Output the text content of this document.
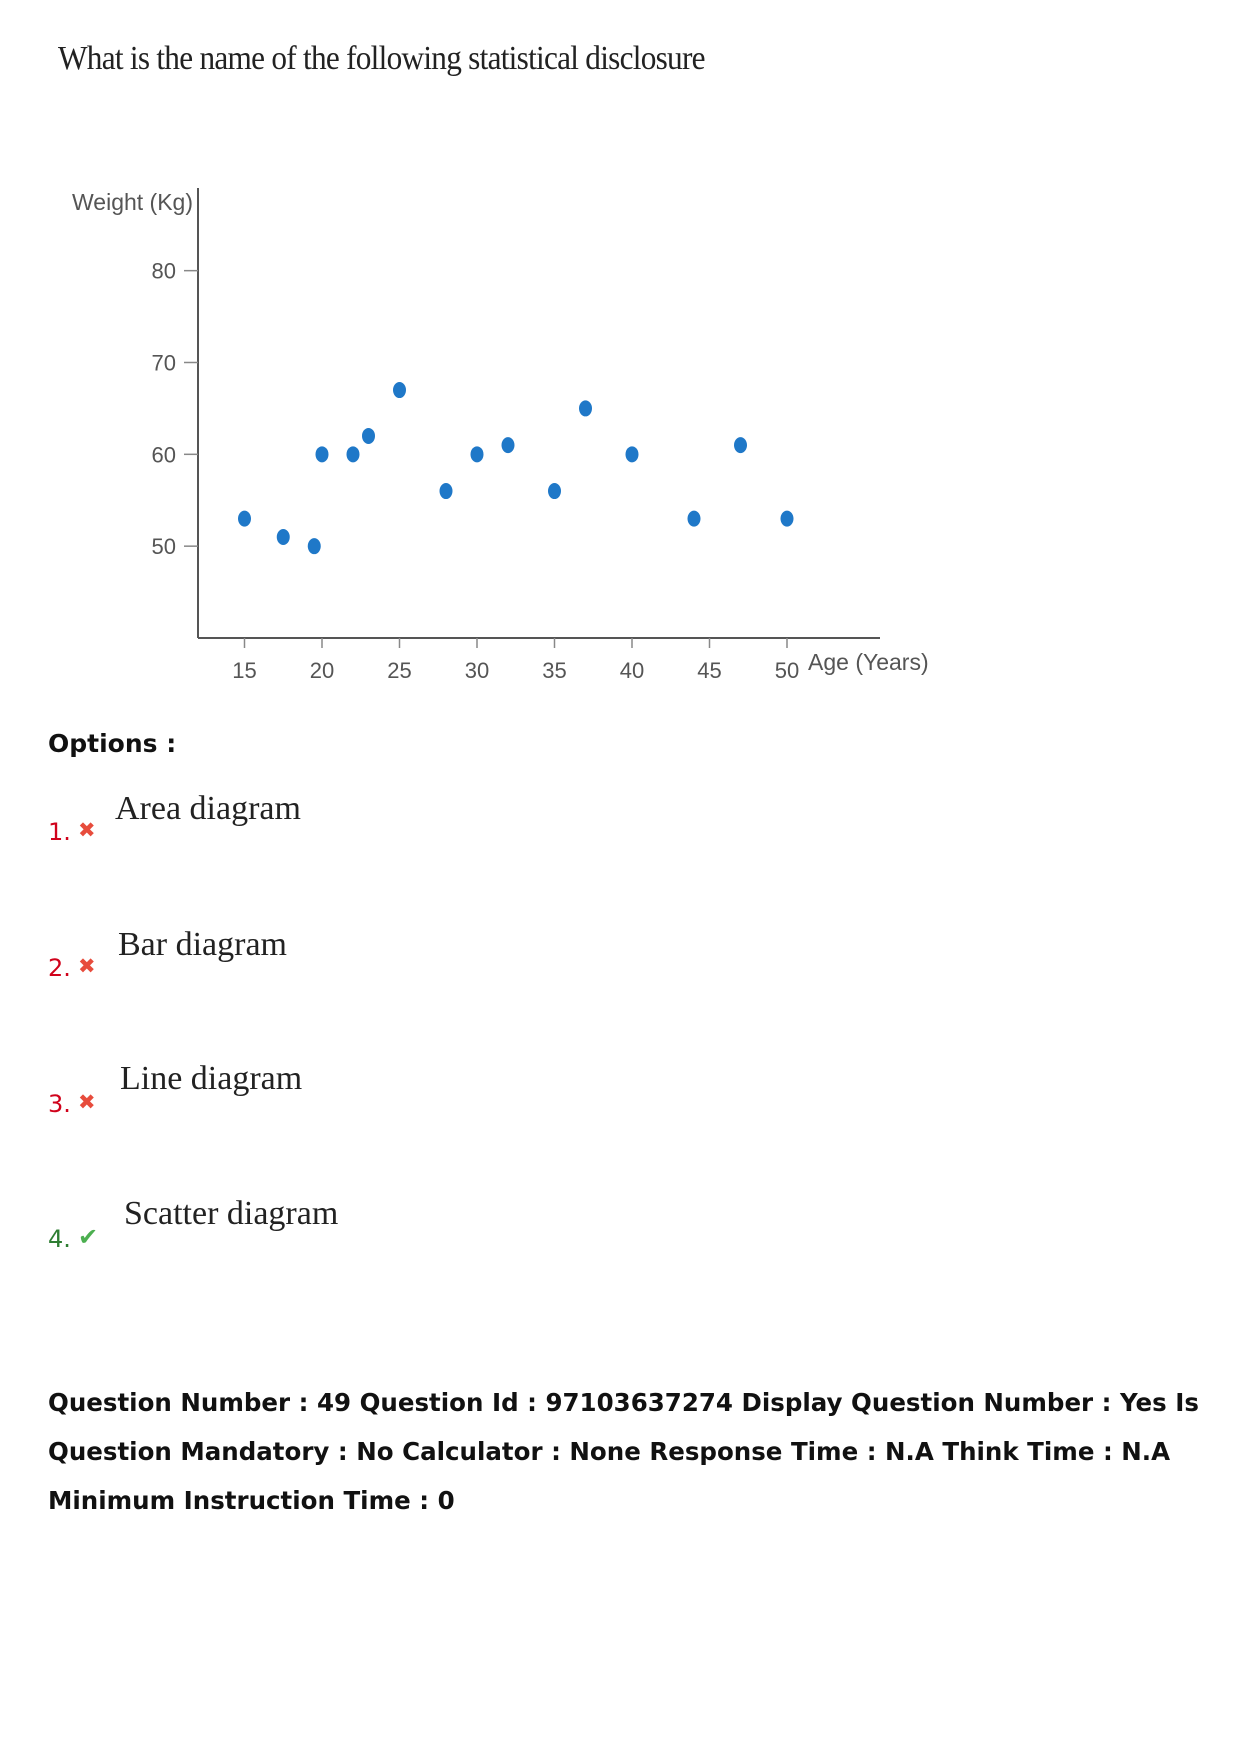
What is the name of the following statistical disclosure
Weight (Kg)
Age (Years)
15 20 25 30 35 40 45 50
50
60
70
80
Options :
1. ✖
Area diagram
2. ✖
Bar diagram
3. ✖
Line diagram
4. ✔
Scatter diagram
Question Number : 49 Question Id : 97103637274 Display Question Number : Yes Is Question Mandatory : No Calculator : None Response Time : N.A Think Time : N.A Minimum Instruction Time : 0
